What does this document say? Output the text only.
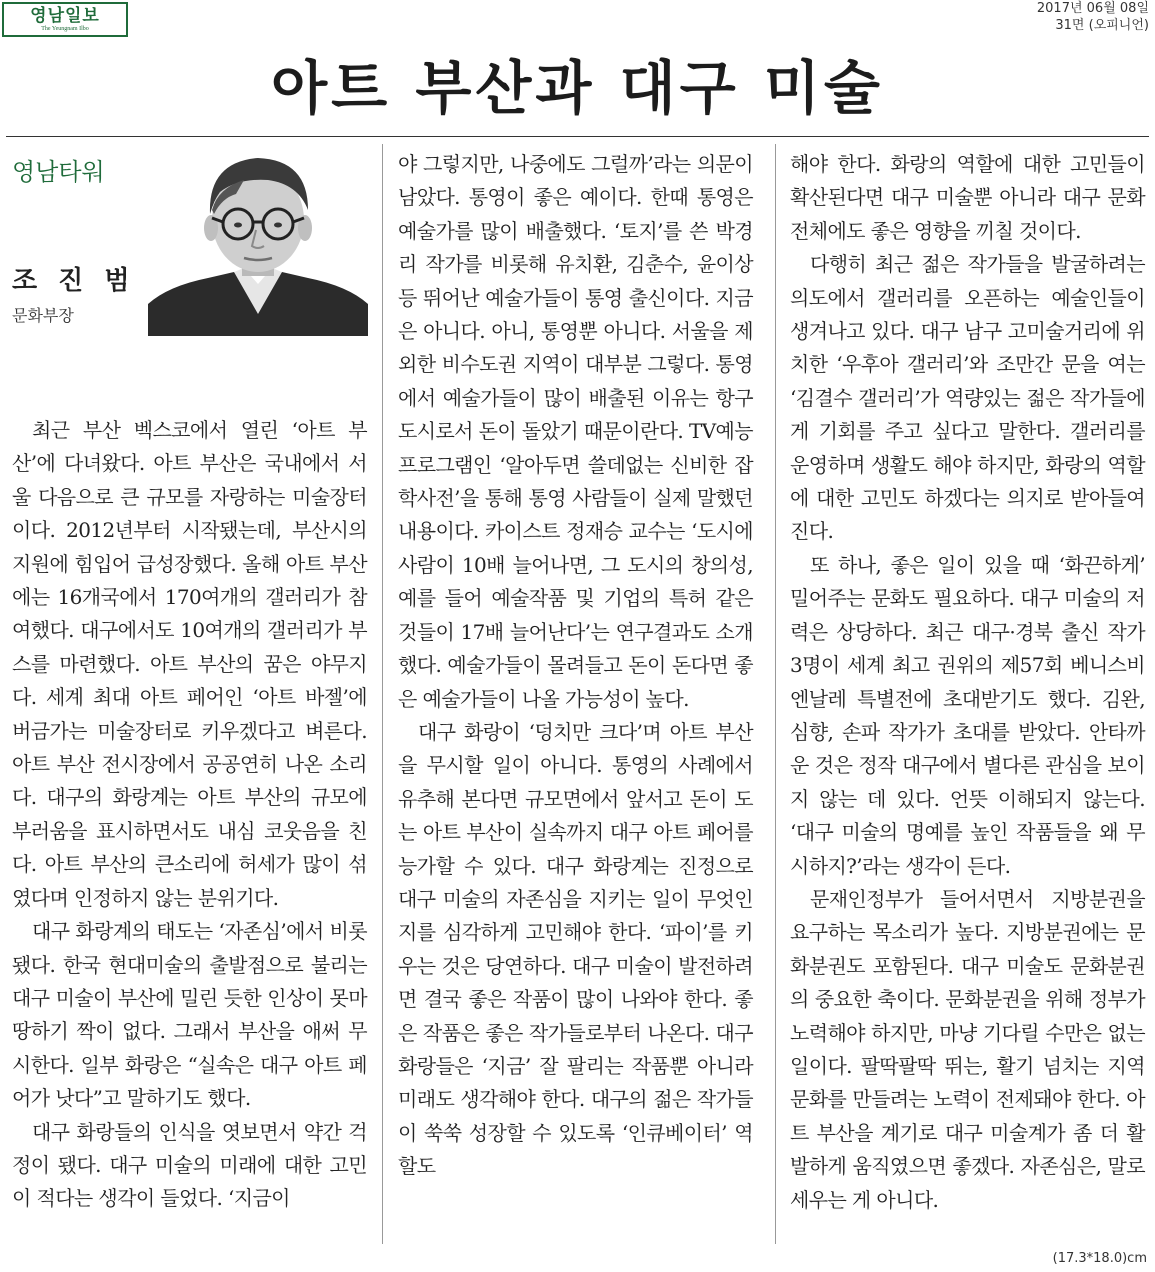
영남일보
The Yeungnam Ilbo
2017년 06월 08일
31면 (오피니언)
아트 부산과 대구 미술
영남타워
조 진 범
문화부장

최근 부산 벡스코에서 열린 ‘아트 부산’에 다녀왔다. 아트 부산은 국내에서 서울 다음으로 큰 규모를 자랑하는 미술장터이다. 2012년부터 시작됐는데, 부산시의 지원에 힘입어 급성장했다. 올해 아트 부산에는 16개국에서 170여개의 갤러리가 참여했다. 대구에서도 10여개의 갤러리가 부스를 마련했다. 아트 부산의 꿈은 야무지다. 세계 최대 아트 페어인 ‘아트 바젤’에 버금가는 미술장터로 키우겠다고 벼른다. 아트 부산 전시장에서 공공연히 나온 소리다. 대구의 화랑계는 아트 부산의 규모에 부러움을 표시하면서도 내심 코웃음을 친다. 아트 부산의 큰소리에 허세가 많이 섞였다며 인정하지 않는 분위기다.

대구 화랑계의 태도는 ‘자존심’에서 비롯됐다. 한국 현대미술의 출발점으로 불리는 대구 미술이 부산에 밀린 듯한 인상이 못마땅하기 짝이 없다. 그래서 부산을 애써 무시한다. 일부 화랑은 “실속은 대구 아트 페어가 낫다”고 말하기도 했다.

대구 화랑들의 인식을 엿보면서 약간 걱정이 됐다. 대구 미술의 미래에 대한 고민이 적다는 생각이 들었다. ‘지금이

야 그렇지만, 나중에도 그럴까’라는 의문이 남았다. 통영이 좋은 예이다. 한때 통영은 예술가를 많이 배출했다. ‘토지’를 쓴 박경리 작가를 비롯해 유치환, 김춘수, 윤이상 등 뛰어난 예술가들이 통영 출신이다. 지금은 아니다. 아니, 통영뿐 아니다. 서울을 제외한 비수도권 지역이 대부분 그렇다. 통영에서 예술가들이 많이 배출된 이유는 항구도시로서 돈이 돌았기 때문이란다. TV예능프로그램인 ‘알아두면 쓸데없는 신비한 잡학사전’을 통해 통영 사람들이 실제 말했던 내용이다. 카이스트 정재승 교수는 ‘도시에 사람이 10배 늘어나면, 그 도시의 창의성, 예를 들어 예술작품 및 기업의 특허 같은 것들이 17배 늘어난다’는 연구결과도 소개했다. 예술가들이 몰려들고 돈이 돈다면 좋은 예술가들이 나올 가능성이 높다.

대구 화랑이 ‘덩치만 크다’며 아트 부산을 무시할 일이 아니다. 통영의 사례에서 유추해 본다면 규모면에서 앞서고 돈이 도는 아트 부산이 실속까지 대구 아트 페어를 능가할 수 있다. 대구 화랑계는 진정으로 대구 미술의 자존심을 지키는 일이 무엇인지를 심각하게 고민해야 한다. ‘파이’를 키우는 것은 당연하다. 대구 미술이 발전하려면 결국 좋은 작품이 많이 나와야 한다. 좋은 작품은 좋은 작가들로부터 나온다. 대구 화랑들은 ‘지금’ 잘 팔리는 작품뿐 아니라 미래도 생각해야 한다. 대구의 젊은 작가들이 쑥쑥 성장할 수 있도록 ‘인큐베이터’ 역할도

해야 한다. 화랑의 역할에 대한 고민들이 확산된다면 대구 미술뿐 아니라 대구 문화 전체에도 좋은 영향을 끼칠 것이다.

다행히 최근 젊은 작가들을 발굴하려는 의도에서 갤러리를 오픈하는 예술인들이 생겨나고 있다. 대구 남구 고미술거리에 위치한 ‘우후아 갤러리’와 조만간 문을 여는 ‘김결수 갤러리’가 역량있는 젊은 작가들에게 기회를 주고 싶다고 말한다. 갤러리를 운영하며 생활도 해야 하지만, 화랑의 역할에 대한 고민도 하겠다는 의지로 받아들여진다.

또 하나, 좋은 일이 있을 때 ‘화끈하게’ 밀어주는 문화도 필요하다. 대구 미술의 저력은 상당하다. 최근 대구·경북 출신 작가 3명이 세계 최고 권위의 제57회 베니스비엔날레 특별전에 초대받기도 했다. 김완, 심향, 손파 작가가 초대를 받았다. 안타까운 것은 정작 대구에서 별다른 관심을 보이지 않는 데 있다. 언뜻 이해되지 않는다. ‘대구 미술의 명예를 높인 작품들을 왜 무시하지?’라는 생각이 든다.

문재인정부가 들어서면서 지방분권을 요구하는 목소리가 높다. 지방분권에는 문화분권도 포함된다. 대구 미술도 문화분권의 중요한 축이다. 문화분권을 위해 정부가 노력해야 하지만, 마냥 기다릴 수만은 없는 일이다. 팔딱팔딱 뛰는, 활기 넘치는 지역 문화를 만들려는 노력이 전제돼야 한다. 아트 부산을 계기로 대구 미술계가 좀 더 활발하게 움직였으면 좋겠다. 자존심은, 말로 세우는 게 아니다.

(17.3*18.0)cm
